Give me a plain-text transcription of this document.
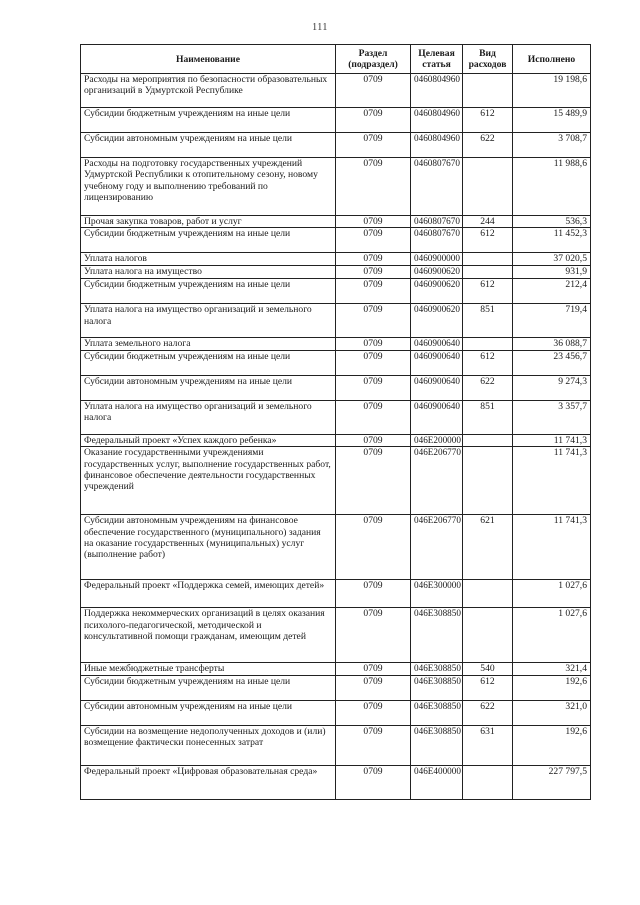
111
Наименование	Раздел (подраздел)	Целевая статья	Вид расходов	Исполнено
Расходы на мероприятия по безопасности образовательных организаций в Удмуртской Республике	0709	0460804960		19 198,6
Субсидии бюджетным учреждениям на иные цели	0709	0460804960	612	15 489,9
Субсидии автономным учреждениям на иные цели	0709	0460804960	622	3 708,7
Расходы на подготовку государственных учреждений Удмуртской Республики к отопительному сезону, новому учебному году и выполнению требований по лицензированию	0709	0460807670		11 988,6
Прочая закупка товаров, работ и услуг	0709	0460807670	244	536,3
Субсидии бюджетным учреждениям на иные цели	0709	0460807670	612	11 452,3
Уплата налогов	0709	0460900000		37 020,5
Уплата налога на имущество	0709	0460900620		931,9
Субсидии бюджетным учреждениям на иные цели	0709	0460900620	612	212,4
Уплата налога на имущество организаций и земельного налога	0709	0460900620	851	719,4
Уплата земельного налога	0709	0460900640		36 088,7
Субсидии бюджетным учреждениям на иные цели	0709	0460900640	612	23 456,7
Субсидии автономным учреждениям на иные цели	0709	0460900640	622	9 274,3
Уплата налога на имущество организаций и земельного налога	0709	0460900640	851	3 357,7
Федеральный проект «Успех каждого ребенка»	0709	046E200000		11 741,3
Оказание государственными учреждениями государственных услуг, выполнение государственных работ, финансовое обеспечение деятельности государственных учреждений	0709	046E206770		11 741,3
Субсидии автономным учреждениям на финансовое обеспечение государственного (муниципального) задания на оказание государственных (муниципальных) услуг (выполнение работ)	0709	046E206770	621	11 741,3
Федеральный проект «Поддержка семей, имеющих детей»	0709	046E300000		1 027,6
Поддержка некоммерческих организаций в целях оказания психолого-педагогической, методической и консультативной помощи гражданам, имеющим детей	0709	046E308850		1 027,6
Иные межбюджетные трансферты	0709	046E308850	540	321,4
Субсидии бюджетным учреждениям на иные цели	0709	046E308850	612	192,6
Субсидии автономным учреждениям на иные цели	0709	046E308850	622	321,0
Субсидии на возмещение недополученных доходов и (или) возмещение фактически понесенных затрат	0709	046E308850	631	192,6
Федеральный проект «Цифровая образовательная среда»	0709	046E400000		227 797,5
